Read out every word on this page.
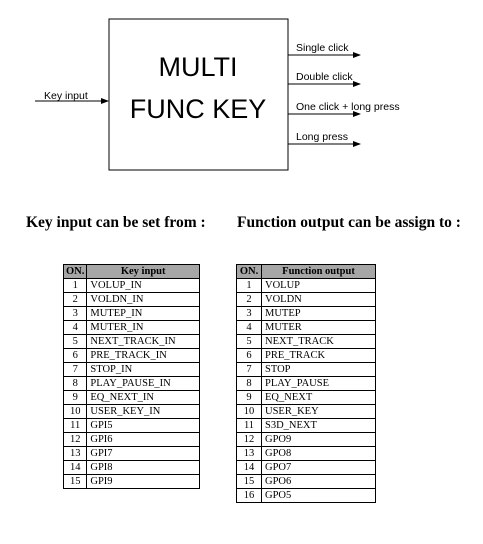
MULTI
FUNC KEY
Key input
Single click
Double click
One click + long press
Long press
Key input can be set from : Function output can be assign to :
ON.	Key input
1	VOLUP_IN
2	VOLDN_IN
3	MUTEP_IN
4	MUTER_IN
5	NEXT_TRACK_IN
6	PRE_TRACK_IN
7	STOP_IN
8	PLAY_PAUSE_IN
9	EQ_NEXT_IN
10	USER_KEY_IN
11	GPI5
12	GPI6
13	GPI7
14	GPI8
15	GPI9
ON.	Function output
1	VOLUP
2	VOLDN
3	MUTEP
4	MUTER
5	NEXT_TRACK
6	PRE_TRACK
7	STOP
8	PLAY_PAUSE
9	EQ_NEXT
10	USER_KEY
11	S3D_NEXT
12	GPO9
13	GPO8
14	GPO7
15	GPO6
16	GPO5
